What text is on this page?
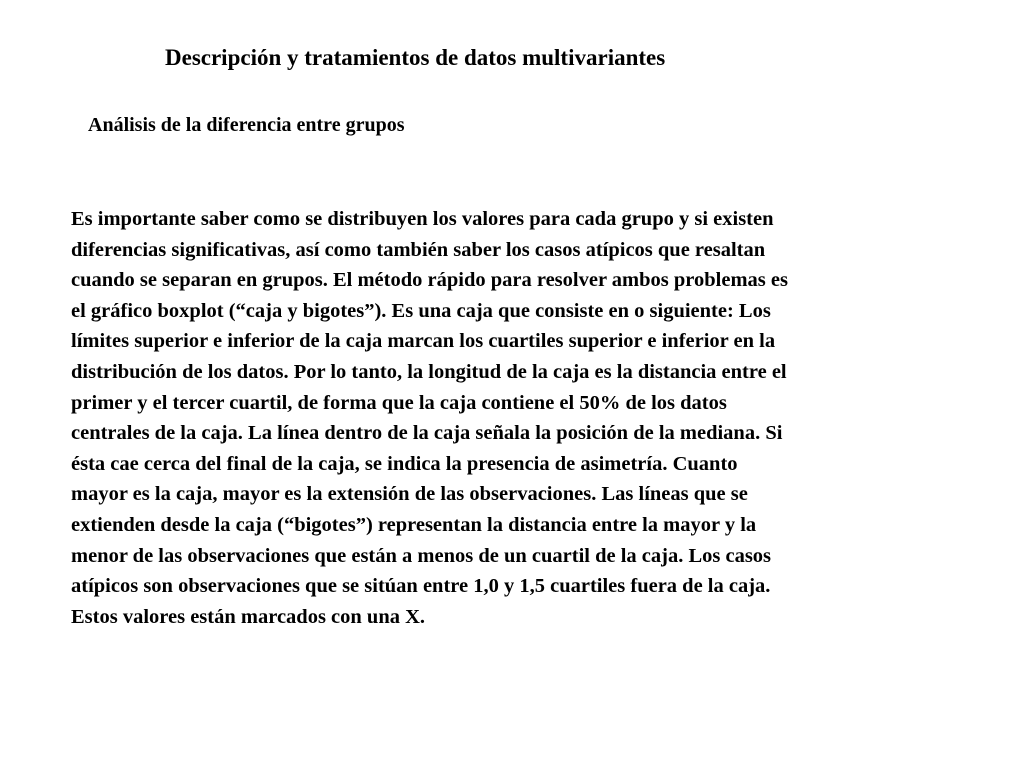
Descripción y tratamientos de datos multivariantes
Análisis de la diferencia entre grupos
Es importante saber como se distribuyen los valores para cada grupo y si existen
diferencias significativas, así como también saber los casos atípicos que resaltan
cuando se separan en grupos. El método rápido para resolver ambos problemas es
el gráfico boxplot (“caja y bigotes”). Es una caja que consiste en o siguiente: Los
límites superior e inferior de la caja marcan los cuartiles superior e inferior en la
distribución de los datos. Por lo tanto, la longitud de la caja es la distancia entre el
primer y el tercer cuartil, de forma que la caja contiene el 50% de los datos
centrales de la caja. La línea dentro de la caja señala la posición de la mediana. Si
ésta cae cerca del final de la caja, se indica la presencia de asimetría. Cuanto
mayor es la caja, mayor es la extensión de las observaciones. Las líneas que se
extienden desde la caja (“bigotes”) representan la distancia entre la mayor y la
menor de las observaciones que están a menos de un cuartil de la caja. Los casos
atípicos son observaciones que se sitúan entre 1,0 y 1,5 cuartiles fuera de la caja.
Estos valores están marcados con una X.
